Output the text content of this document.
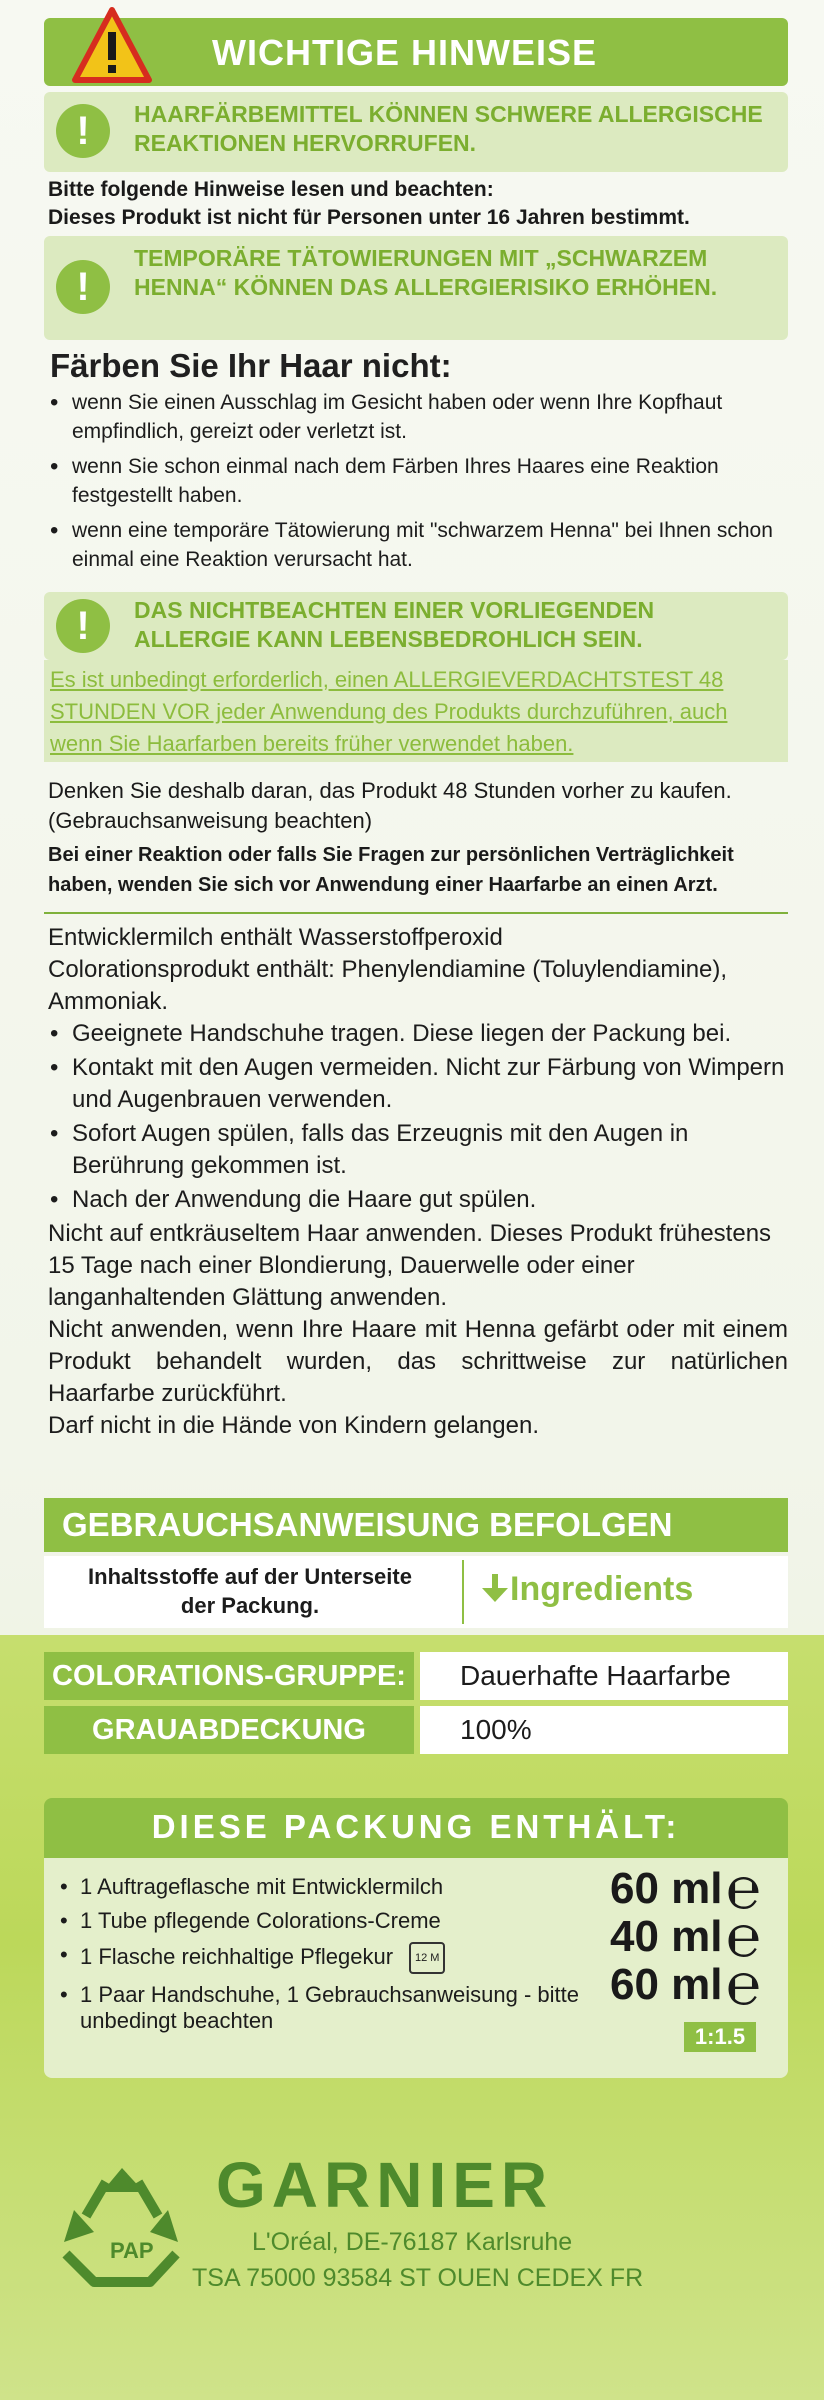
WICHTIGE HINWEISE
!	HAARFÄRBEMITTEL KÖNNEN SCHWERE ALLERGISCHE REAKTIONEN HERVORRUFEN.
Bitte folgende Hinweise lesen und beachten:
Dieses Produkt ist nicht für Personen unter 16 Jahren bestimmt.
!
TEMPORÄRE TÄTOWIERUNGEN MIT „SCHWARZEM HENNA“ KÖNNEN DAS ALLERGIERISIKO ERHÖHEN.
Färben Sie Ihr Haar nicht:
• wenn Sie einen Ausschlag im Gesicht haben oder wenn Ihre Kopfhaut empfindlich, gereizt oder verletzt ist.
• wenn Sie schon einmal nach dem Färben Ihres Haares eine Reaktion festgestellt haben.
• wenn eine temporäre Tätowierung mit "schwarzem Henna" bei Ihnen schon einmal eine Reaktion verursacht hat.
!	DAS NICHTBEACHTEN EINER VORLIEGENDEN ALLERGIE KANN LEBENSBEDROHLICH SEIN.
Es ist unbedingt erforderlich, einen ALLERGIEVERDACHTSTEST 48 STUNDEN VOR jeder Anwendung des Produkts durchzuführen, auch wenn Sie Haarfarben bereits früher verwendet haben.
Denken Sie deshalb daran, das Produkt 48 Stunden vorher zu kaufen. (Gebrauchsanweisung beachten)
Bei einer Reaktion oder falls Sie Fragen zur persönlichen Verträglichkeit haben, wenden Sie sich vor Anwendung einer Haarfarbe an einen Arzt.
Entwicklermilch enthält Wasserstoffperoxid
Colorationsprodukt enthält: Phenylendiamine (Toluylendiamine), Ammoniak.
• Geeignete Handschuhe tragen. Diese liegen der Packung bei.
• Kontakt mit den Augen vermeiden. Nicht zur Färbung von Wimpern und Augenbrauen verwenden.
• Sofort Augen spülen, falls das Erzeugnis mit den Augen in Berührung gekommen ist.
• Nach der Anwendung die Haare gut spülen.
Nicht auf entkräuseltem Haar anwenden. Dieses Produkt frühestens 15 Tage nach einer Blondierung, Dauerwelle oder einer langanhaltenden Glättung anwenden.
Nicht anwenden, wenn Ihre Haare mit Henna gefärbt oder mit einem Produkt behandelt wurden, das schrittweise zur natürlichen Haarfarbe zurückführt.
Darf nicht in die Hände von Kindern gelangen.
GEBRAUCHSANWEISUNG BEFOLGEN
Inhaltsstoffe auf der Unterseite der Packung.	Ingredients
COLORATIONS-GRUPPE:	Dauerhafte Haarfarbe
GRAUABDECKUNG	100%
DIESE PACKUNG ENTHÄLT:
• 1 Auftrageflasche mit Entwicklermilch
• 1 Tube pflegende Colorations-Creme
• 1 Flasche reichhaltige Pflegekur 12 M
• 1 Paar Handschuhe, 1 Gebrauchsanweisung - bitte unbedingt beachten
60 ml
40 ml
60 ml
℮
℮
℮
1:1.5
PAP
GARNIER
L'Oréal, DE-76187 Karlsruhe
TSA 75000 93584 ST OUEN CEDEX FR
